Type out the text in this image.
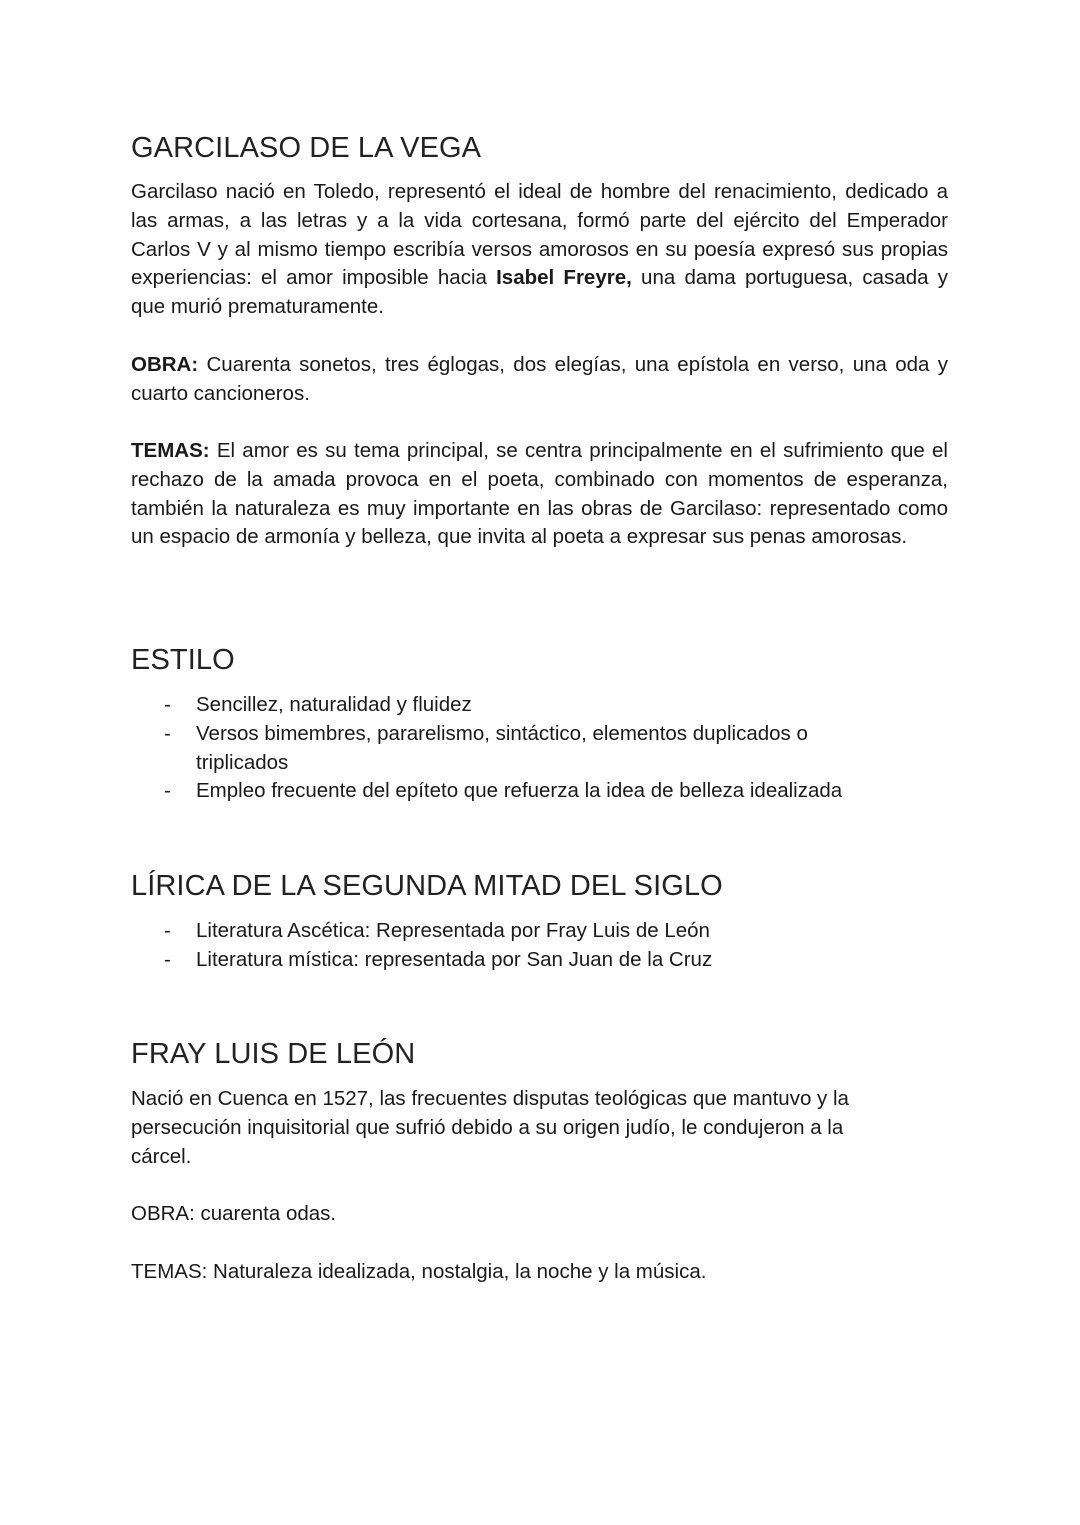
GARCILASO DE LA VEGA

Garcilaso nació en Toledo, representó el ideal de hombre del renacimiento, dedicado a las armas, a las letras y a la vida cortesana, formó parte del ejército del Emperador Carlos V y al mismo tiempo escribía versos amorosos en su poesía expresó sus propias experiencias: el amor imposible hacia Isabel Freyre, una dama portuguesa, casada y que murió prematuramente.

OBRA: Cuarenta sonetos, tres églogas, dos elegías, una epístola en verso, una oda y cuarto cancioneros.

TEMAS: El amor es su tema principal, se centra principalmente en el sufrimiento que el rechazo de la amada provoca en el poeta, combinado con momentos de esperanza, también la naturaleza es muy importante en las obras de Garcilaso: representado como un espacio de armonía y belleza, que invita al poeta a expresar sus penas amorosas.

ESTILO
- Sencillez, naturalidad y fluidez
- Versos bimembres, pararelismo, sintáctico, elementos duplicados o triplicados
- Empleo frecuente del epíteto que refuerza la idea de belleza idealizada
LÍRICA DE LA SEGUNDA MITAD DEL SIGLO
- Literatura Ascética: Representada por Fray Luis de León
- Literatura mística: representada por San Juan de la Cruz
FRAY LUIS DE LEÓN

Nació en Cuenca en 1527, las frecuentes disputas teológicas que mantuvo y la persecución inquisitorial que sufrió debido a su origen judío, le condujeron a la cárcel.

OBRA: cuarenta odas.

TEMAS: Naturaleza idealizada, nostalgia, la noche y la música.
